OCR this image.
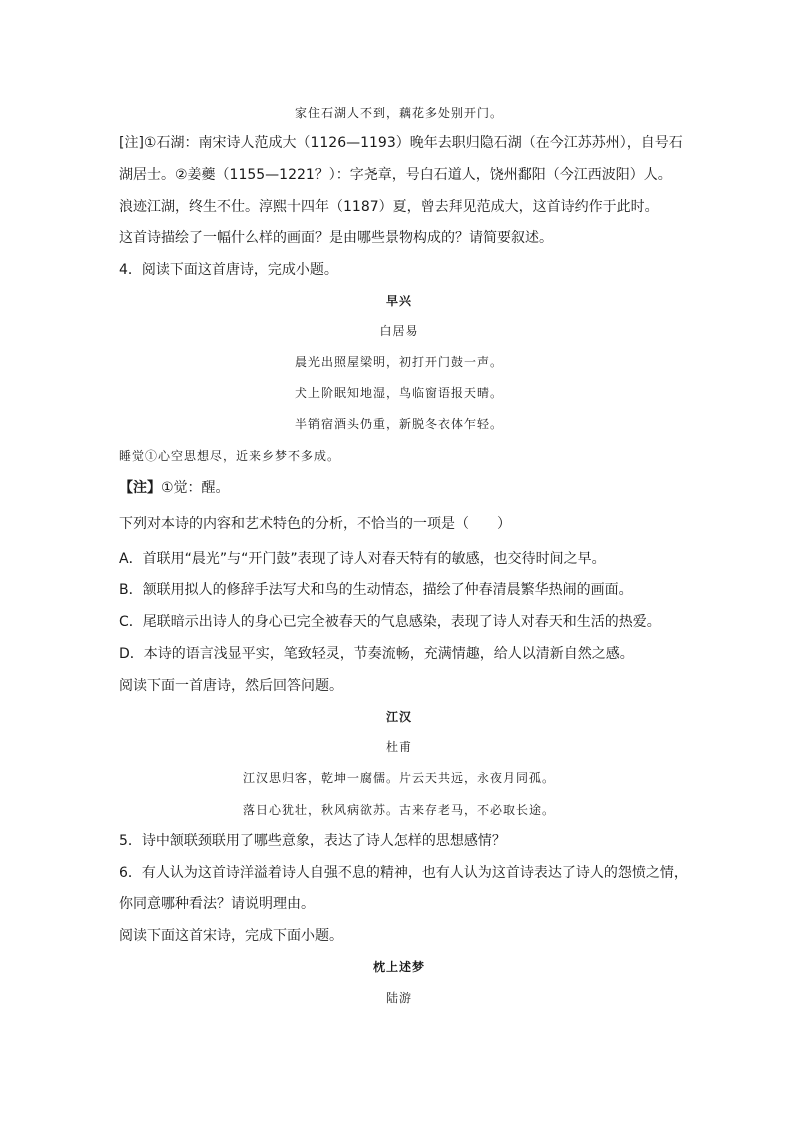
家住石湖人不到，藕花多处别开门。
[注]①石湖：南宋诗人范成大（1126—1193）晚年去职归隐石湖（在今江苏苏州），自号石
湖居士。②姜夔（1155—1221？）：字尧章，号白石道人，饶州鄱阳（今江西波阳）人。
浪迹江湖，终生不仕。淳熙十四年（1187）夏，曾去拜见范成大，这首诗约作于此时。
这首诗描绘了一幅什么样的画面？是由哪些景物构成的？请简要叙述。
4．阅读下面这首唐诗，完成小题。
早兴
白居易
晨光出照屋梁明，初打开门鼓一声。
犬上阶眠知地湿，鸟临窗语报天晴。
半销宿酒头仍重，新脱冬衣体乍轻。
睡觉①心空思想尽，近来乡梦不多成。
【注】①觉：醒。
下列对本诗的内容和艺术特色的分析，不恰当的一项是（　　）
A．首联用“晨光”与“开门鼓”表现了诗人对春天特有的敏感，也交待时间之早。
B．颔联用拟人的修辞手法写犬和鸟的生动情态，描绘了仲春清晨繁华热闹的画面。
C．尾联暗示出诗人的身心已完全被春天的气息感染，表现了诗人对春天和生活的热爱。
D．本诗的语言浅显平实，笔致轻灵，节奏流畅，充满情趣，给人以清新自然之感。
阅读下面一首唐诗，然后回答问题。
江汉
杜甫
江汉思归客，乾坤一腐儒。片云天共远，永夜月同孤。
落日心犹壮，秋风病欲苏。古来存老马，不必取长途。
5．诗中颔联颈联用了哪些意象，表达了诗人怎样的思想感情？
6．有人认为这首诗洋溢着诗人自强不息的精神，也有人认为这首诗表达了诗人的怨愤之情，
你同意哪种看法？请说明理由。
阅读下面这首宋诗，完成下面小题。
枕上述梦
陆游
